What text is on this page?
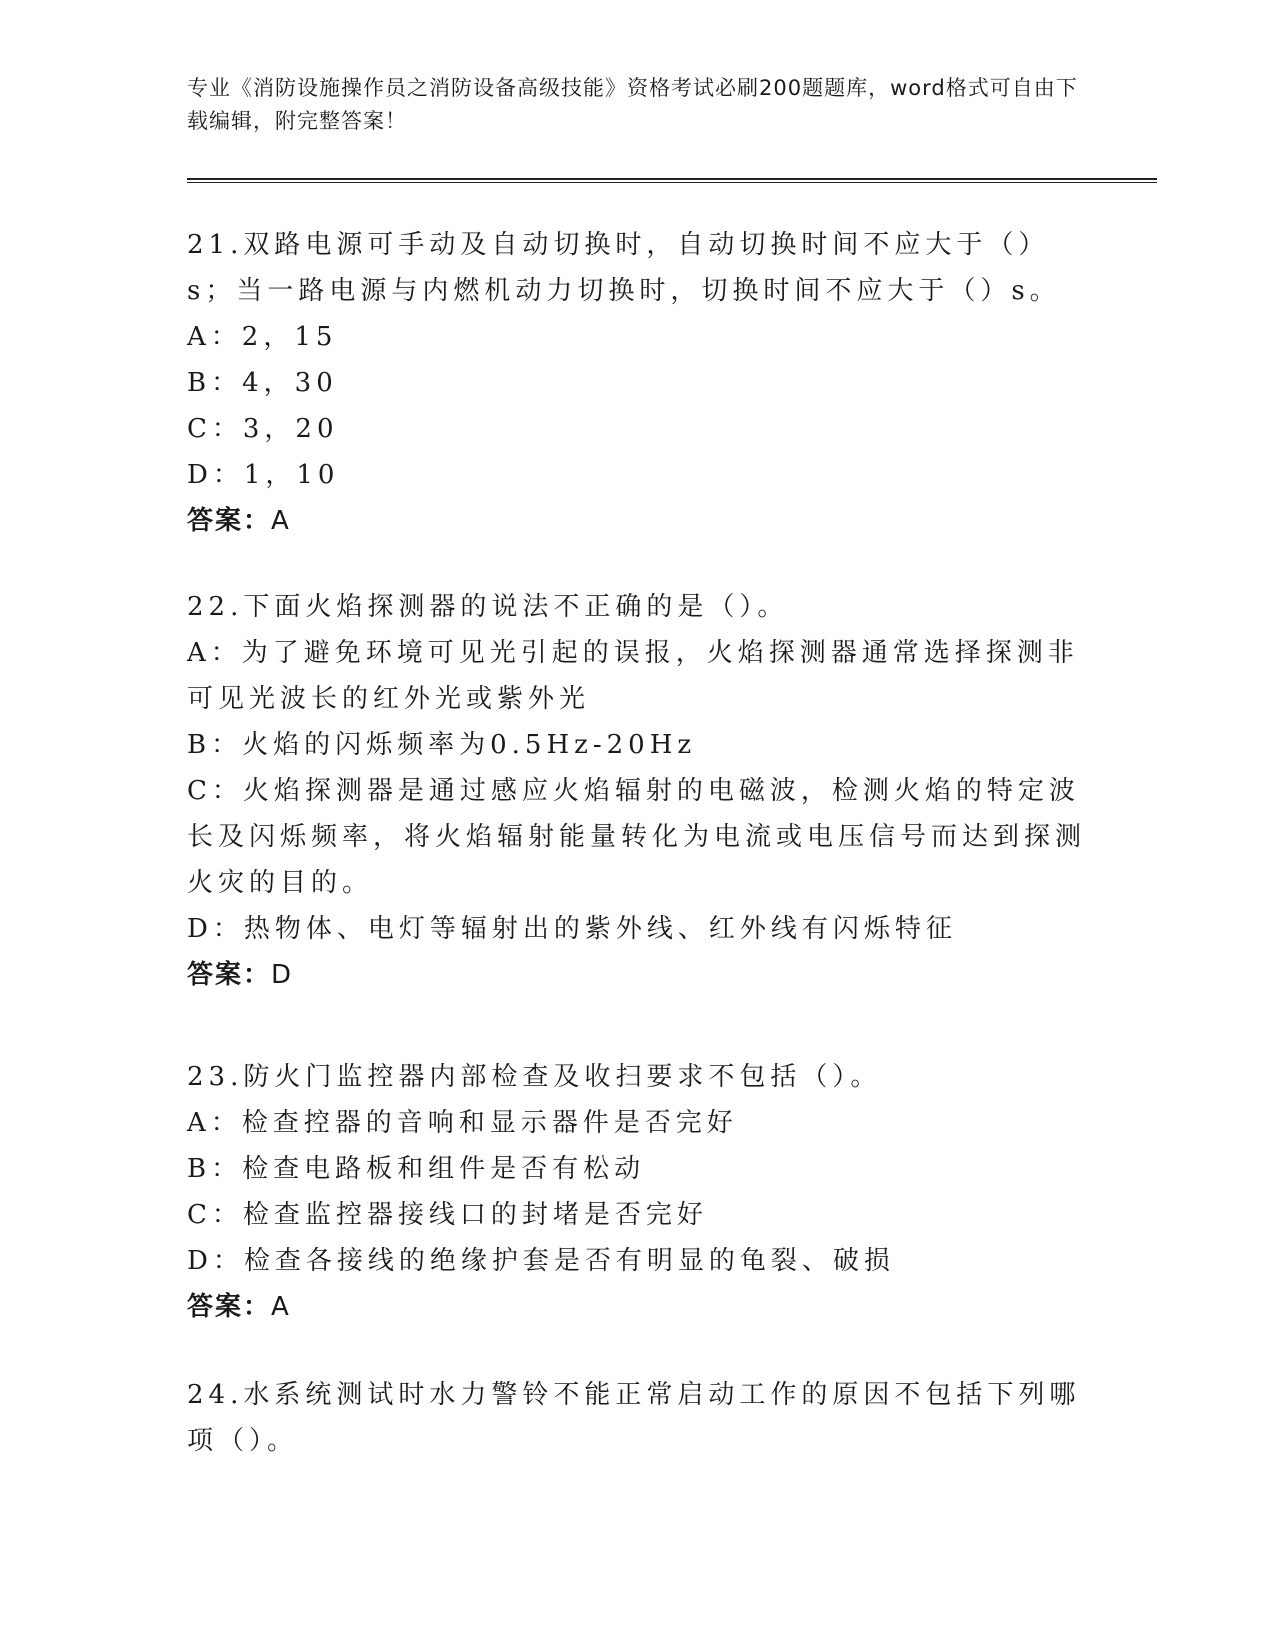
专业《消防设施操作员之消防设备高级技能》资格考试必刷200题题库，word格式可自由下载编辑，附完整答案！

21.双路电源可手动及自动切换时，自动切换时间不应大于（）s；当一路电源与内燃机动力切换时，切换时间不应大于（）s。

A：2，15

B：4，30

C：3，20

D：1，10

答案：A

22.下面火焰探测器的说法不正确的是（）。

A：为了避免环境可见光引起的误报，火焰探测器通常选择探测非可见光波长的红外光或紫外光

B：火焰的闪烁频率为0.5Hz-20Hz

C：火焰探测器是通过感应火焰辐射的电磁波，检测火焰的特定波长及闪烁频率，将火焰辐射能量转化为电流或电压信号而达到探测火灾的目的。

D：热物体、电灯等辐射出的紫外线、红外线有闪烁特征

答案：D

23.防火门监控器内部检查及收扫要求不包括（）。

A：检查控器的音响和显示器件是否完好

B：检查电路板和组件是否有松动

C：检查监控器接线口的封堵是否完好

D：检查各接线的绝缘护套是否有明显的龟裂、破损

答案：A

24.水系统测试时水力警铃不能正常启动工作的原因不包括下列哪项（）。
